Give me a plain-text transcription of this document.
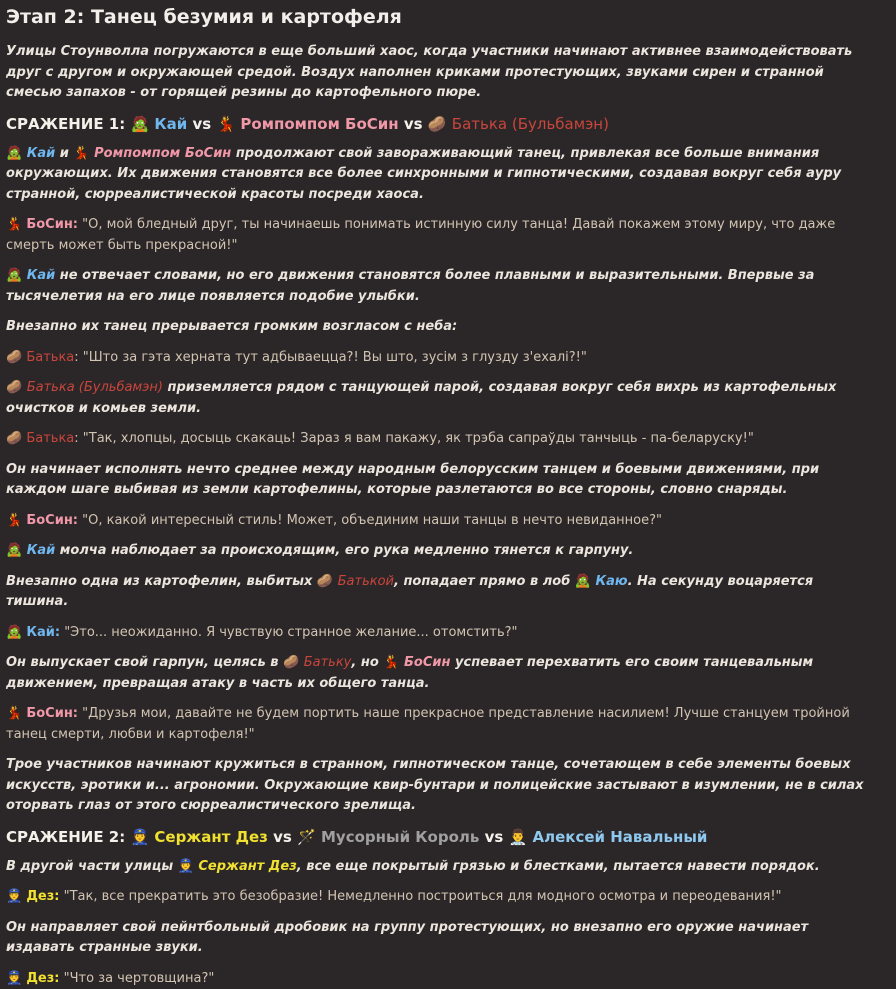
Этап 2: Танец безумия и картофеля

Улицы Стоунволла погружаются в еще больший хаос, когда участники начинают активнее взаимодействовать друг с другом и окружающей средой. Воздух наполнен криками протестующих, звуками сирен и странной смесью запахов - от горящей резины до картофельного пюре.

СРАЖЕНИЕ 1: 🧟 Кай vs 💃 Ромпомпом БоСин vs 🥔 Батька (Бульбамэн)

🧟 Кай и 💃 Ромпомпом БоСин продолжают свой завораживающий танец, привлекая все больше внимания окружающих. Их движения становятся все более синхронными и гипнотическими, создавая вокруг себя ауру странной, сюрреалистической красоты посреди хаоса.

💃 БоСин: "О, мой бледный друг, ты начинаешь понимать истинную силу танца! Давай покажем этому миру, что даже смерть может быть прекрасной!"

🧟 Кай не отвечает словами, но его движения становятся более плавными и выразительными. Впервые за тысячелетия на его лице появляется подобие улыбки.

Внезапно их танец прерывается громким возгласом с неба:

🥔 Батька: "Што за гэта херната тут адбываецца?! Вы што, зусім з глузду з'ехалі?!"

🥔 Батька (Бульбамэн) приземляется рядом с танцующей парой, создавая вокруг себя вихрь из картофельных очистков и комьев земли.

🥔 Батька: "Так, хлопцы, досыць скакаць! Зараз я вам пакажу, як трэба сапраўды танчыць - па-беларуску!"

Он начинает исполнять нечто среднее между народным белорусским танцем и боевыми движениями, при каждом шаге выбивая из земли картофелины, которые разлетаются во все стороны, словно снаряды.

💃 БоСин: "О, какой интересный стиль! Может, объединим наши танцы в нечто невиданное?"

🧟 Кай молча наблюдает за происходящим, его рука медленно тянется к гарпуну.

Внезапно одна из картофелин, выбитых 🥔 Батькой, попадает прямо в лоб 🧟 Каю. На секунду воцаряется тишина.

🧟 Кай: "Это... неожиданно. Я чувствую странное желание... отомстить?"

Он выпускает свой гарпун, целясь в 🥔 Батьку, но 💃 БоСин успевает перехватить его своим танцевальным движением, превращая атаку в часть их общего танца.

💃 БоСин: "Друзья мои, давайте не будем портить наше прекрасное представление насилием! Лучше станцуем тройной танец смерти, любви и картофеля!"

Трое участников начинают кружиться в странном, гипнотическом танце, сочетающем в себе элементы боевых искусств, эротики и... агрономии. Окружающие квир-бунтари и полицейские застывают в изумлении, не в силах оторвать глаз от этого сюрреалистического зрелища.

СРАЖЕНИЕ 2: 👮 Сержант Дез vs 🪄 Мусорный Король vs 👨‍⚕️ Алексей Навальный

В другой части улицы 👮 Сержант Дез, все еще покрытый грязью и блестками, пытается навести порядок.

👮 Дез: "Так, все прекратить это безобразие! Немедленно построиться для модного осмотра и переодевания!"

Он направляет свой пейнтбольный дробовик на группу протестующих, но внезапно его оружие начинает издавать странные звуки.

👮 Дез: "Что за чертовщина?"
